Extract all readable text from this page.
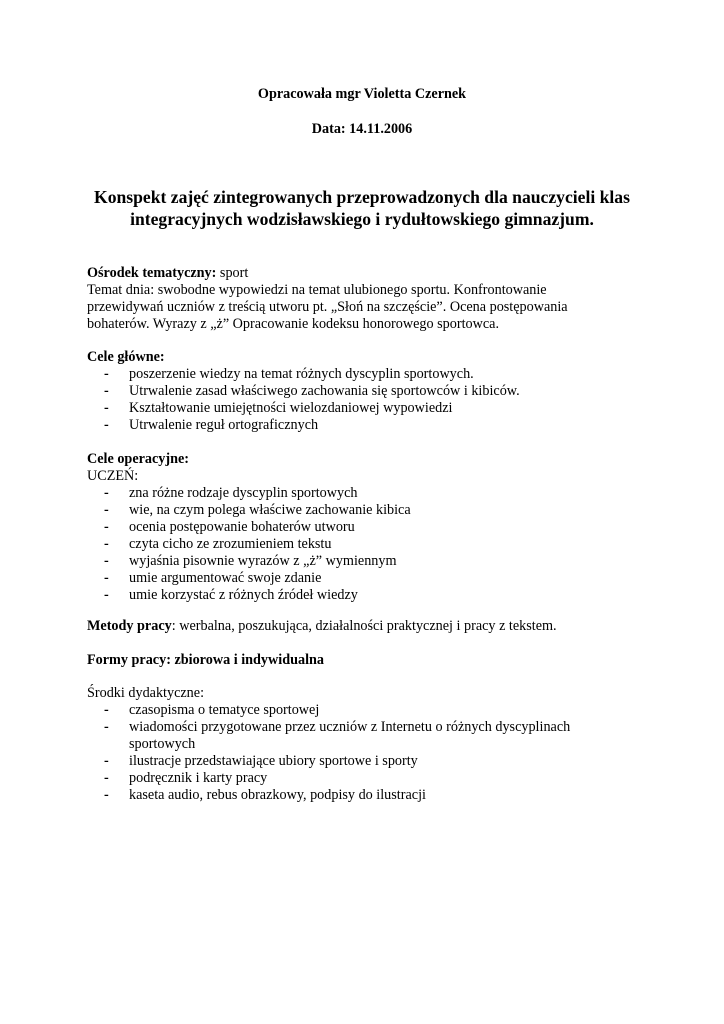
Opracowała mgr Violetta Czernek
Data: 14.11.2006
Konspekt zajęć zintegrowanych przeprowadzonych dla nauczycieli klas
integracyjnych wodzisławskiego i rydułtowskiego gimnazjum.
Ośrodek tematyczny: sport
Temat dnia: swobodne wypowiedzi na temat ulubionego sportu. Konfrontowanie
przewidywań uczniów z treścią utworu pt. „Słoń na szczęście”. Ocena postępowania
bohaterów. Wyrazy z „ż” Opracowanie kodeksu honorowego sportowca.
Cele główne:
- poszerzenie wiedzy na temat różnych dyscyplin sportowych.
- Utrwalenie zasad właściwego zachowania się sportowców i kibiców.
- Kształtowanie umiejętności wielozdaniowej wypowiedzi
- Utrwalenie reguł ortograficznych
Cele operacyjne:
UCZEŃ:
- zna różne rodzaje dyscyplin sportowych
- wie, na czym polega właściwe zachowanie kibica
- ocenia postępowanie bohaterów utworu
- czyta cicho ze zrozumieniem tekstu
- wyjaśnia pisownie wyrazów z „ż” wymiennym
- umie argumentować swoje zdanie
- umie korzystać z różnych źródeł wiedzy
Metody pracy: werbalna, poszukująca, działalności praktycznej i pracy z tekstem.
Formy pracy: zbiorowa i indywidualna
Środki dydaktyczne:
- czasopisma o tematyce sportowej
- wiadomości przygotowane przez uczniów z Internetu o różnych dyscyplinach
sportowych
- ilustracje przedstawiające ubiory sportowe i sporty
- podręcznik i karty pracy
- kaseta audio, rebus obrazkowy, podpisy do ilustracji
